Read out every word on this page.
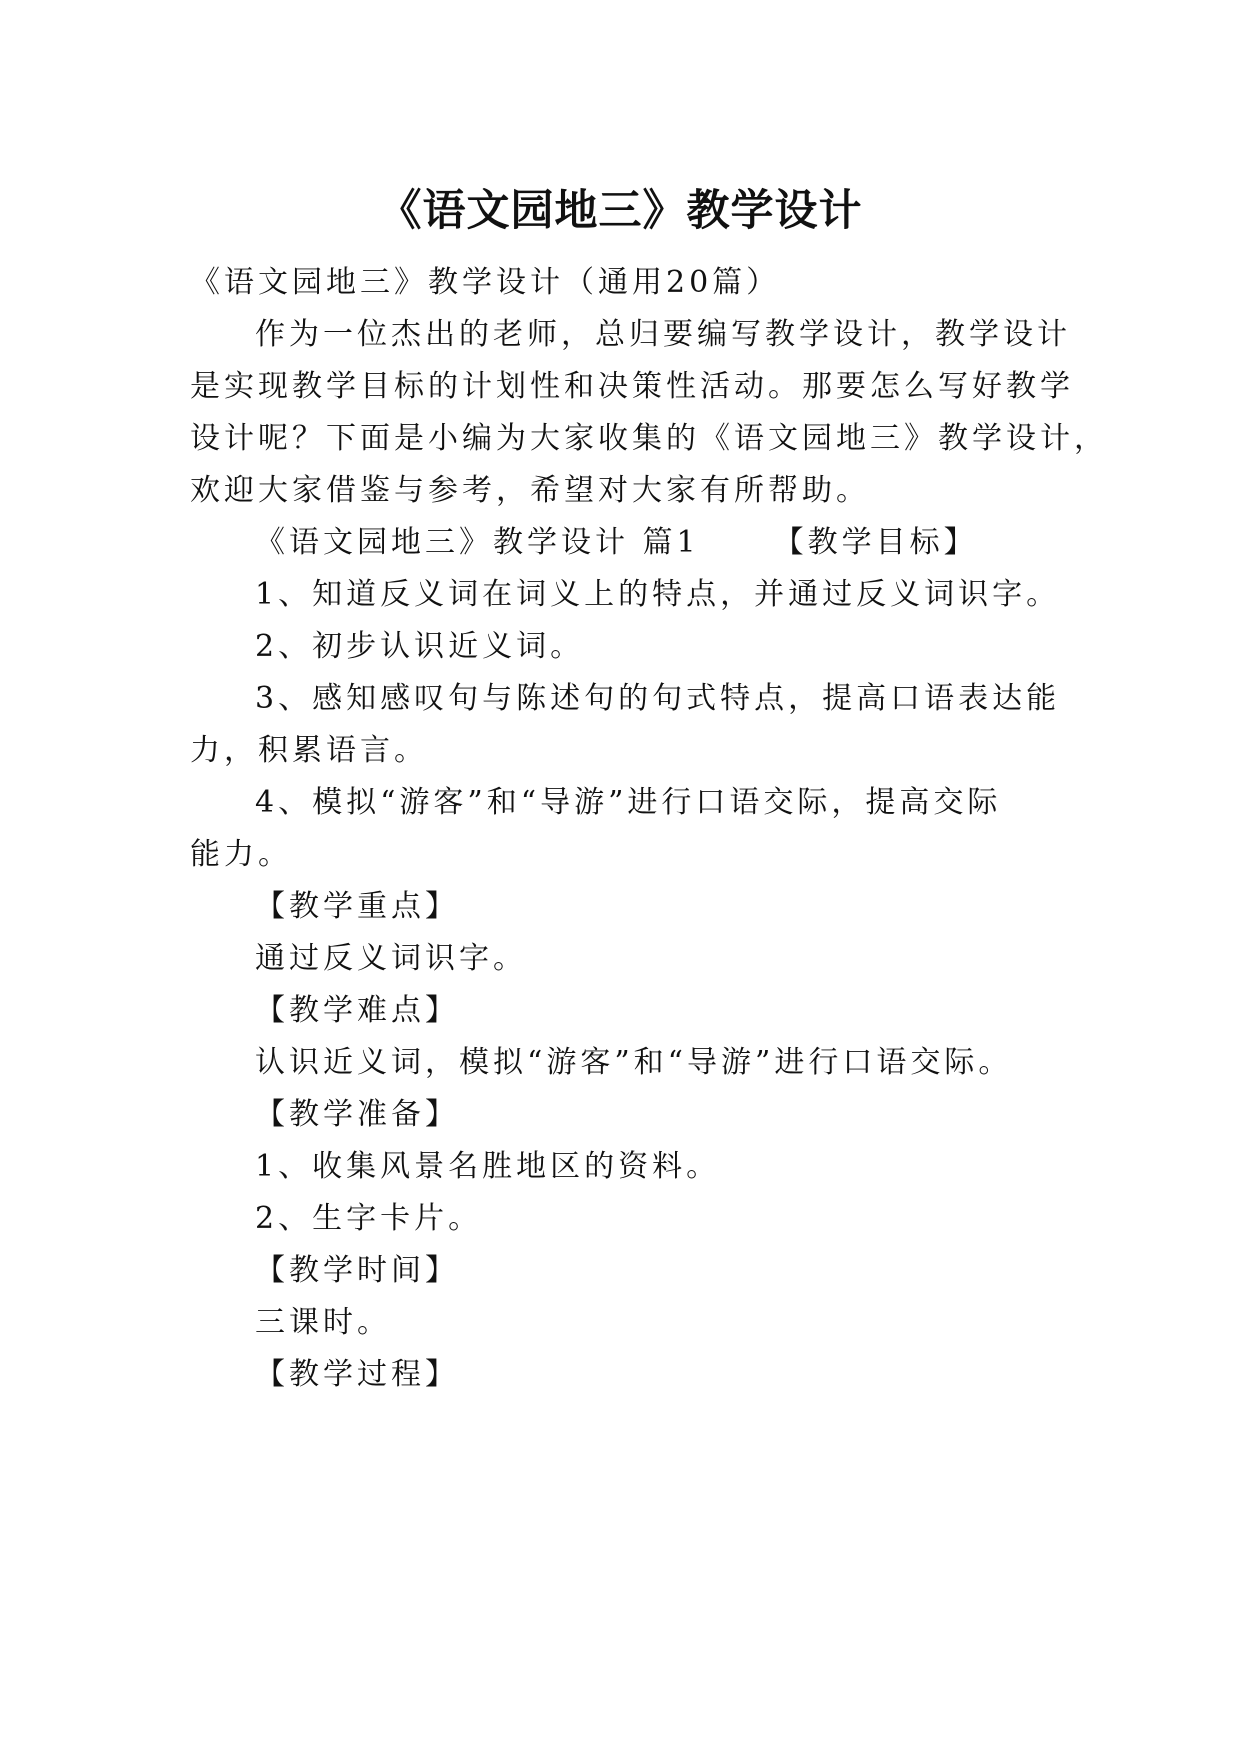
《语文园地三》教学设计

《语文园地三》教学设计（通用20篇）

作为一位杰出的老师，总归要编写教学设计，教学设计

是实现教学目标的计划性和决策性活动。那要怎么写好教学

设计呢？下面是小编为大家收集的《语文园地三》教学设计，

欢迎大家借鉴与参考，希望对大家有所帮助。

《语文园地三》教学设计 篇1 【教学目标】

1、知道反义词在词义上的特点，并通过反义词识字。

2、初步认识近义词。

3、感知感叹句与陈述句的句式特点，提高口语表达能

力，积累语言。

4、模拟“游客”和“导游”进行口语交际，提高交际

能力。

【教学重点】

通过反义词识字。

【教学难点】

认识近义词，模拟“游客”和“导游”进行口语交际。

【教学准备】

1、收集风景名胜地区的资料。

2、生字卡片。

【教学时间】

三课时。

【教学过程】
